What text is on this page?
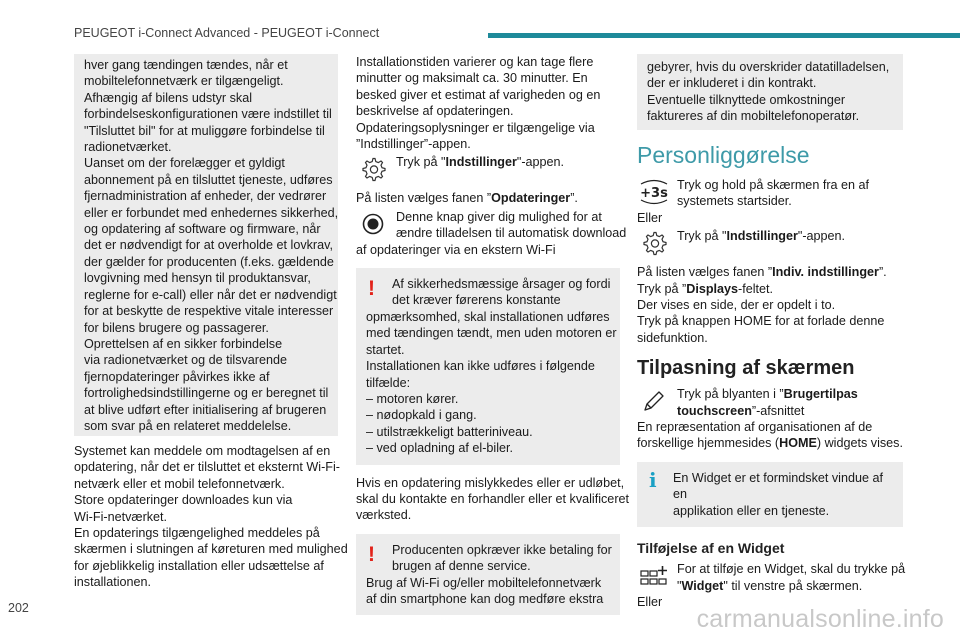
PEUGEOT i-Connect Advanced - PEUGEOT i-Connect
hver gang tændingen tændes, når et
mobiltelefonnetværk er tilgængeligt.
Afhængig af bilens udstyr skal
forbindelseskonfigurationen være indstillet til
"Tilsluttet bil" for at muliggøre forbindelse til
radionetværket.
Uanset om der forelægger et gyldigt
abonnement på en tilsluttet tjeneste, udføres
fjernadministration af enheder, der vedrører
eller er forbundet med enhedernes sikkerhed,
og opdatering af software og firmware, når
det er nødvendigt for at overholde et lovkrav,
der gælder for producenten (f.eks. gældende
lovgivning med hensyn til produktansvar,
reglerne for e-call) eller når det er nødvendigt
for at beskytte de respektive vitale interesser
for bilens brugere og passagerer.
Oprettelsen af en sikker forbindelse
via radionetværket og de tilsvarende
fjernopdateringer påvirkes ikke af
fortrolighedsindstillingerne og er beregnet til
at blive udført efter initialisering af brugeren
som svar på en relateret meddelelse.
Systemet kan meddele om modtagelsen af en
opdatering, når det er tilsluttet et eksternt Wi-Fi-
netværk eller et mobil telefonnetværk.
Store opdateringer downloades kun via
Wi-Fi-netværket.
En opdaterings tilgængelighed meddeles på
skærmen i slutningen af køreturen med mulighed
for øjeblikkelig installation eller udsættelse af
installationen.
Installationstiden varierer og kan tage flere
minutter og maksimalt ca. 30 minutter. En
besked giver et estimat af varigheden og en
beskrivelse af opdateringen.
Opdateringsoplysninger er tilgængelige via
”Indstillinger”-appen.
Tryk på "Indstillinger"-appen.
På listen vælges fanen ”Opdateringer”.
Denne knap giver dig mulighed for at
ændre tilladelsen til automatisk download
af opdateringer via en ekstern Wi-Fi
!	Af sikkerhedsmæssige årsager og fordi
det kræver førerens konstante
opmærksomhed, skal installationen udføres
med tændingen tændt, men uden motoren er
startet.
Installationen kan ikke udføres i følgende
tilfælde:
– motoren kører.
– nødopkald i gang.
– utilstrækkeligt batteriniveau.
– ved opladning af el-biler.
Hvis en opdatering mislykkedes eller er udløbet,
skal du kontakte en forhandler eller et kvalificeret
værksted.
!	Producenten opkræver ikke betaling for
brugen af denne service.
Brug af Wi-Fi og/eller mobiltelefonnetværk
af din smartphone kan dog medføre ekstra
gebyrer, hvis du overskrider datatilladelsen,
der er inkluderet i din kontrakt.
Eventuelle tilknyttede omkostninger
faktureres af din mobiltelefonoperatør.
Personliggørelse
+3s
Tryk og hold på skærmen fra en af
systemets startsider.
Eller
Tryk på "Indstillinger"-appen.
På listen vælges fanen ”Indiv. indstillinger”.
Tryk på ”Displays-feltet.
Der vises en side, der er opdelt i to.
Tryk på knappen HOME for at forlade denne
sidefunktion.
Tilpasning af skærmen
Tryk på blyanten i ”Brugertilpas
touchscreen”-afsnittet
En repræsentation af organisationen af de
forskellige hjemmesides (HOME) widgets vises.
i	En Widget er et formindsket vindue af en
applikation eller en tjeneste.
Tilføjelse af en Widget
For at tilføje en Widget, skal du trykke på
"Widget" til venstre på skærmen.
Eller
202	carmanualsonline.info
